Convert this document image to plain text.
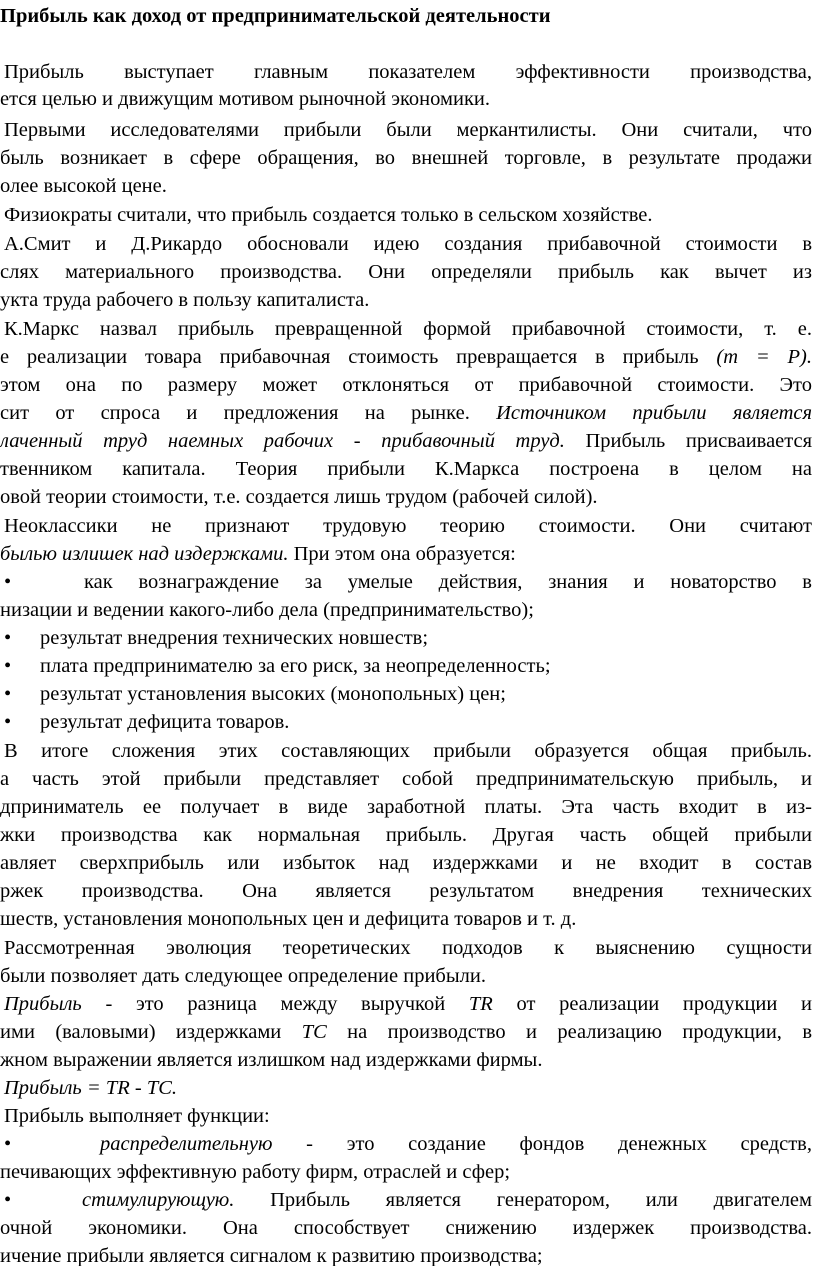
Прибыль как доход от предпринимательской деятельности
Прибыль выступает главным показателем эффективности производства,
ется целью и движущим мотивом рыночной экономики.
Первыми исследователями прибыли были меркантилисты. Они считали, что
быль возникает в сфере обращения, во внешней торговле, в результате продажи
олее высокой цене.
Физиократы считали, что прибыль создается только в сельском хозяйстве.
А.Смит и Д.Рикардо обосновали идею создания прибавочной стоимости в
слях материального производства. Они определяли прибыль как вычет из
укта труда рабочего в пользу капиталиста.
К.Маркс назвал прибыль превращенной формой прибавочной стоимости, т. е.
е реализации товара прибавочная стоимость превращается в прибыль (m = P).
этом она по размеру может отклоняться от прибавочной стоимости. Это
сит от спроса и предложения на рынке. Источником прибыли является
лаченный труд наемных рабочих - прибавочный труд. Прибыль присваивается
твенником капитала. Теория прибыли К.Маркса построена в целом на
овой теории стоимости, т.е. создается лишь трудом (рабочей силой).
Неоклассики не признают трудовую теорию стоимости. Они считают
былью излишек над издержками. При этом она образуется:
•	как вознаграждение за умелые действия, знания и новаторство в
низации и ведении какого-либо дела (предпринимательство);
• результат внедрения технических новшеств;
• плата предпринимателю за его риск, за неопределенность;
• результат установления высоких (монопольных) цен;
• результат дефицита товаров.
В итоге сложения этих составляющих прибыли образуется общая прибыль.
а часть этой прибыли представляет собой предпринимательскую прибыль, и
дприниматель ее получает в виде заработной платы. Эта часть входит в из-
жки производства как нормальная прибыль. Другая часть общей прибыли
авляет сверхприбыль или избыток над издержками и не входит в состав
ржек производства. Она является результатом внедрения технических
шеств, установления монопольных цен и дефицита товаров и т. д.
Рассмотренная эволюция теоретических подходов к выяснению сущности
были позволяет дать следующее определение прибыли.
Прибыль - это разница между выручкой TR от реализации продукции и
ими (валовыми) издержками ТС на производство и реализацию продукции, в
жном выражении является излишком над издержками фирмы.
Прибыль = TR - ТС.
Прибыль выполняет функции:
•	распределительную - это создание фондов денежных средств,
печивающих эффективную работу фирм, отраслей и сфер;
•	стимулирующую. Прибыль является генератором, или двигателем
очной экономики. Она способствует снижению издержек производства.
ичение прибыли является сигналом к развитию производства;
